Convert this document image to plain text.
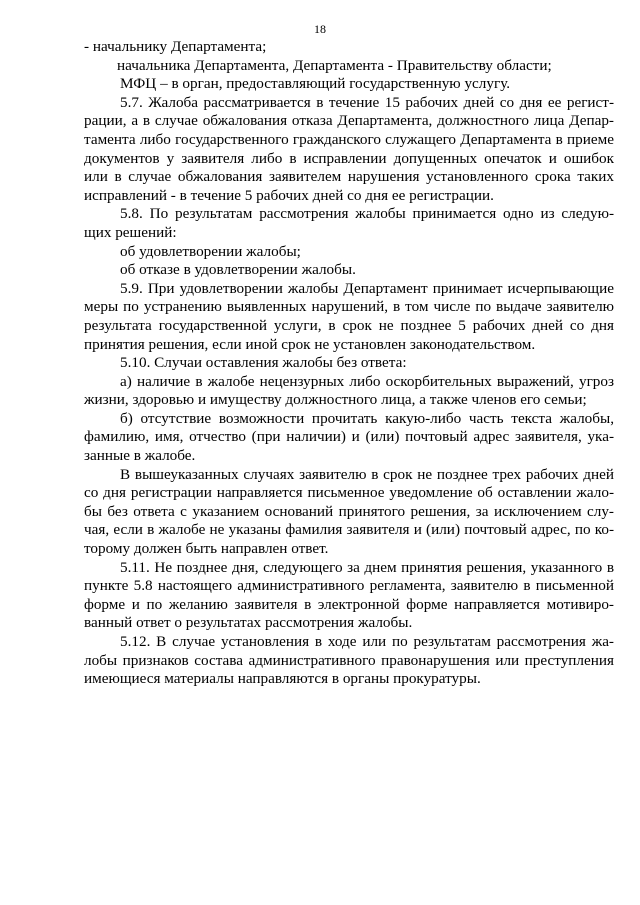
18
- начальнику Департамента;
начальника Департамента, Департамента - Правительству области;
МФЦ – в орган, предоставляющий государственную услугу.
5.7. Жалоба рассматривается в течение 15 рабочих дней со дня ее регист-
рации, а в случае обжалования отказа Департамента, должностного лица Депар-
тамента либо государственного гражданского служащего Департамента в приеме
документов у заявителя либо в исправлении допущенных опечаток и ошибок
или в случае обжалования заявителем нарушения установленного срока таких
исправлений - в течение 5 рабочих дней со дня ее регистрации.
5.8. По результатам рассмотрения жалобы принимается одно из следую-
щих решений:
об удовлетворении жалобы;
об отказе в удовлетворении жалобы.
5.9. При удовлетворении жалобы Департамент принимает исчерпывающие
меры по устранению выявленных нарушений, в том числе по выдаче заявителю
результата государственной услуги, в срок не позднее 5 рабочих дней со дня
принятия решения, если иной срок не установлен законодательством.
5.10. Случаи оставления жалобы без ответа:
а) наличие в жалобе нецензурных либо оскорбительных выражений, угроз
жизни, здоровью и имуществу должностного лица, а также членов его семьи;
б) отсутствие возможности прочитать какую-либо часть текста жалобы,
фамилию, имя, отчество (при наличии) и (или) почтовый адрес заявителя, ука-
занные в жалобе.
В вышеуказанных случаях заявителю в срок не позднее трех рабочих дней
со дня регистрации направляется письменное уведомление об оставлении жало-
бы без ответа с указанием оснований принятого решения, за исключением слу-
чая, если в жалобе не указаны фамилия заявителя и (или) почтовый адрес, по ко-
торому должен быть направлен ответ.
5.11. Не позднее дня, следующего за днем принятия решения, указанного в
пункте 5.8 настоящего административного регламента, заявителю в письменной
форме и по желанию заявителя в электронной форме направляется мотивиро-
ванный ответ о результатах рассмотрения жалобы.
5.12. В случае установления в ходе или по результатам рассмотрения жа-
лобы признаков состава административного правонарушения или преступления
имеющиеся материалы направляются в органы прокуратуры.
